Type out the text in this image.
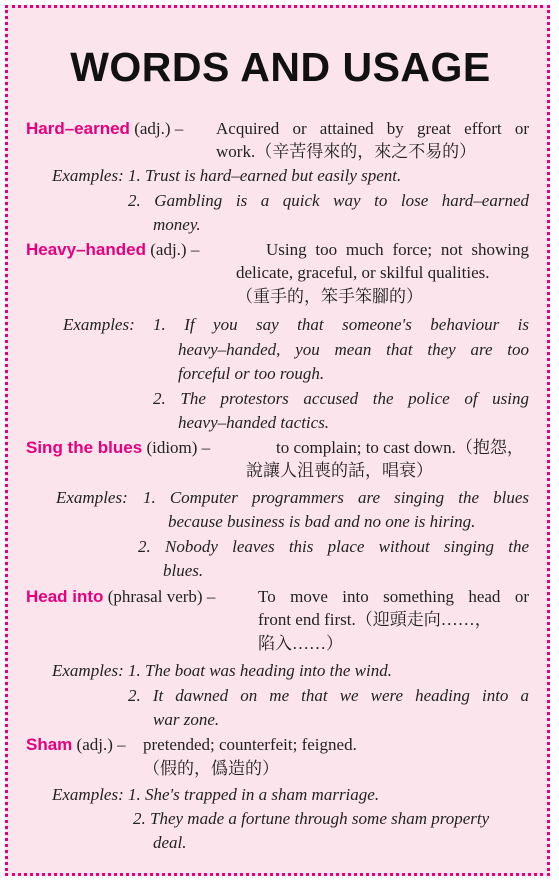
WORDS AND USAGE
Hard–earned (adj.) – Acquired or attained by great effort or
work.（辛苦得來的，來之不易的）
Examples: 1. Trust is hard–earned but easily spent.
2. Gambling is a quick way to lose hard–earned
money.
Heavy–handed (adj.) –	Using too much force; not showing
delicate, graceful, or skilful qualities.
（重手的，笨手笨腳的）
Examples: 1. If you say that someone's behaviour is
heavy–handed, you mean that they are too
forceful or too rough.
2. The protestors accused the police of using
heavy–handed tactics.
Sing the blues (idiom) –	to complain; to cast down.（抱怨，
說讓人沮喪的話，唱衰）
Examples: 1. Computer programmers are singing the blues
because business is bad and no one is hiring.
2. Nobody leaves this place without singing the
blues.
Head into (phrasal verb) –	To move into something head or
front end first.（迎頭走向……，
陷入……）
Examples: 1. The boat was heading into the wind.
2. It dawned on me that we were heading into a
war zone.
Sham (adj.) – pretended; counterfeit; feigned.
（假的，僞造的）
Examples: 1. She's trapped in a sham marriage.
2. They made a fortune through some sham property
deal.
